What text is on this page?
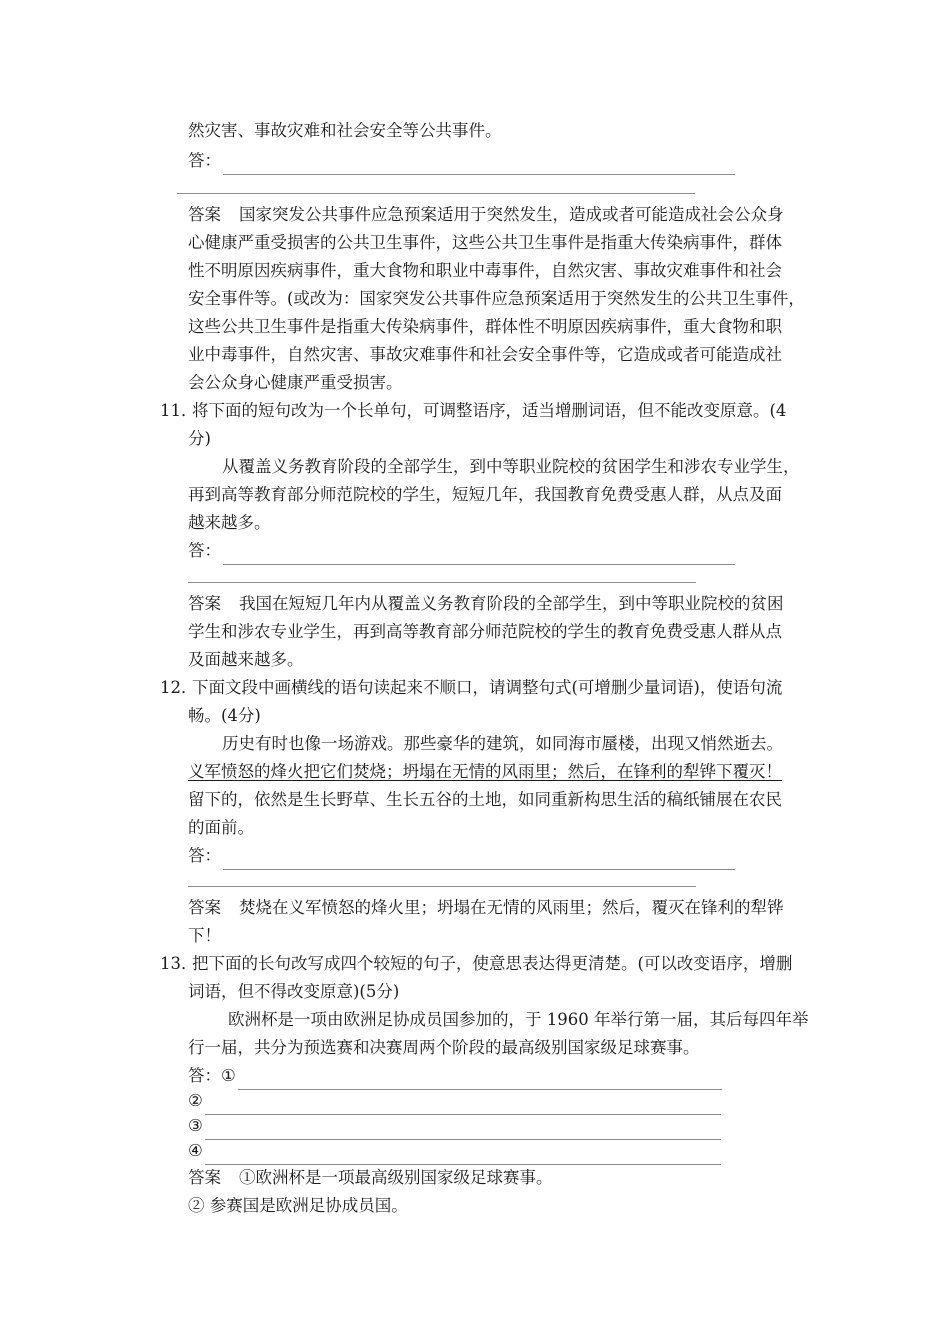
然灾害、事故灾难和社会安全等公共事件。
答：
答案 国家突发公共事件应急预案适用于突然发生，造成或者可能造成社会公众身
心健康严重受损害的公共卫生事件，这些公共卫生事件是指重大传染病事件，群体
性不明原因疾病事件，重大食物和职业中毒事件，自然灾害、事故灾难事件和社会
安全事件等。(或改为：国家突发公共事件应急预案适用于突然发生的公共卫生事件，
这些公共卫生事件是指重大传染病事件，群体性不明原因疾病事件，重大食物和职
业中毒事件，自然灾害、事故灾难事件和社会安全事件等，它造成或者可能造成社
会公众身心健康严重受损害。
11．
将下面的短句改为一个长单句，可调整语序，适当增删词语，但不能改变原意。(4
分)
从覆盖义务教育阶段的全部学生，到中等职业院校的贫困学生和涉农专业学生，
再到高等教育部分师范院校的学生，短短几年，我国教育免费受惠人群，从点及面
越来越多。
答：
答案 我国在短短几年内从覆盖义务教育阶段的全部学生，到中等职业院校的贫困
学生和涉农专业学生，再到高等教育部分师范院校的学生的教育免费受惠人群从点
及面越来越多。
12．
下面文段中画横线的语句读起来不顺口，请调整句式(可增删少量词语)，使语句流
畅。(4分)
历史有时也像一场游戏。那些豪华的建筑，如同海市蜃楼，出现又悄然逝去。
义军愤怒的烽火把它们焚烧；坍塌在无情的风雨里；然后，在锋利的犁铧下覆灭！
留下的，依然是生长野草、生长五谷的土地，如同重新构思生活的稿纸铺展在农民
的面前。
答：
答案 焚烧在义军愤怒的烽火里；坍塌在无情的风雨里；然后，覆灭在锋利的犁铧
下！
13．
把下面的长句改写成四个较短的句子，使意思表达得更清楚。(可以改变语序，增删
词语，但不得改变原意)(5分)
欧洲杯是一项由欧洲足协成员国参加的，于 1960 年举行第一届，其后每四年举
行一届，共分为预选赛和决赛周两个阶段的最高级别国家级足球赛事。
答： ①
②
③
④
答案 ①欧洲杯是一项最高级别国家级足球赛事。
② 参赛国是欧洲足协成员国。
